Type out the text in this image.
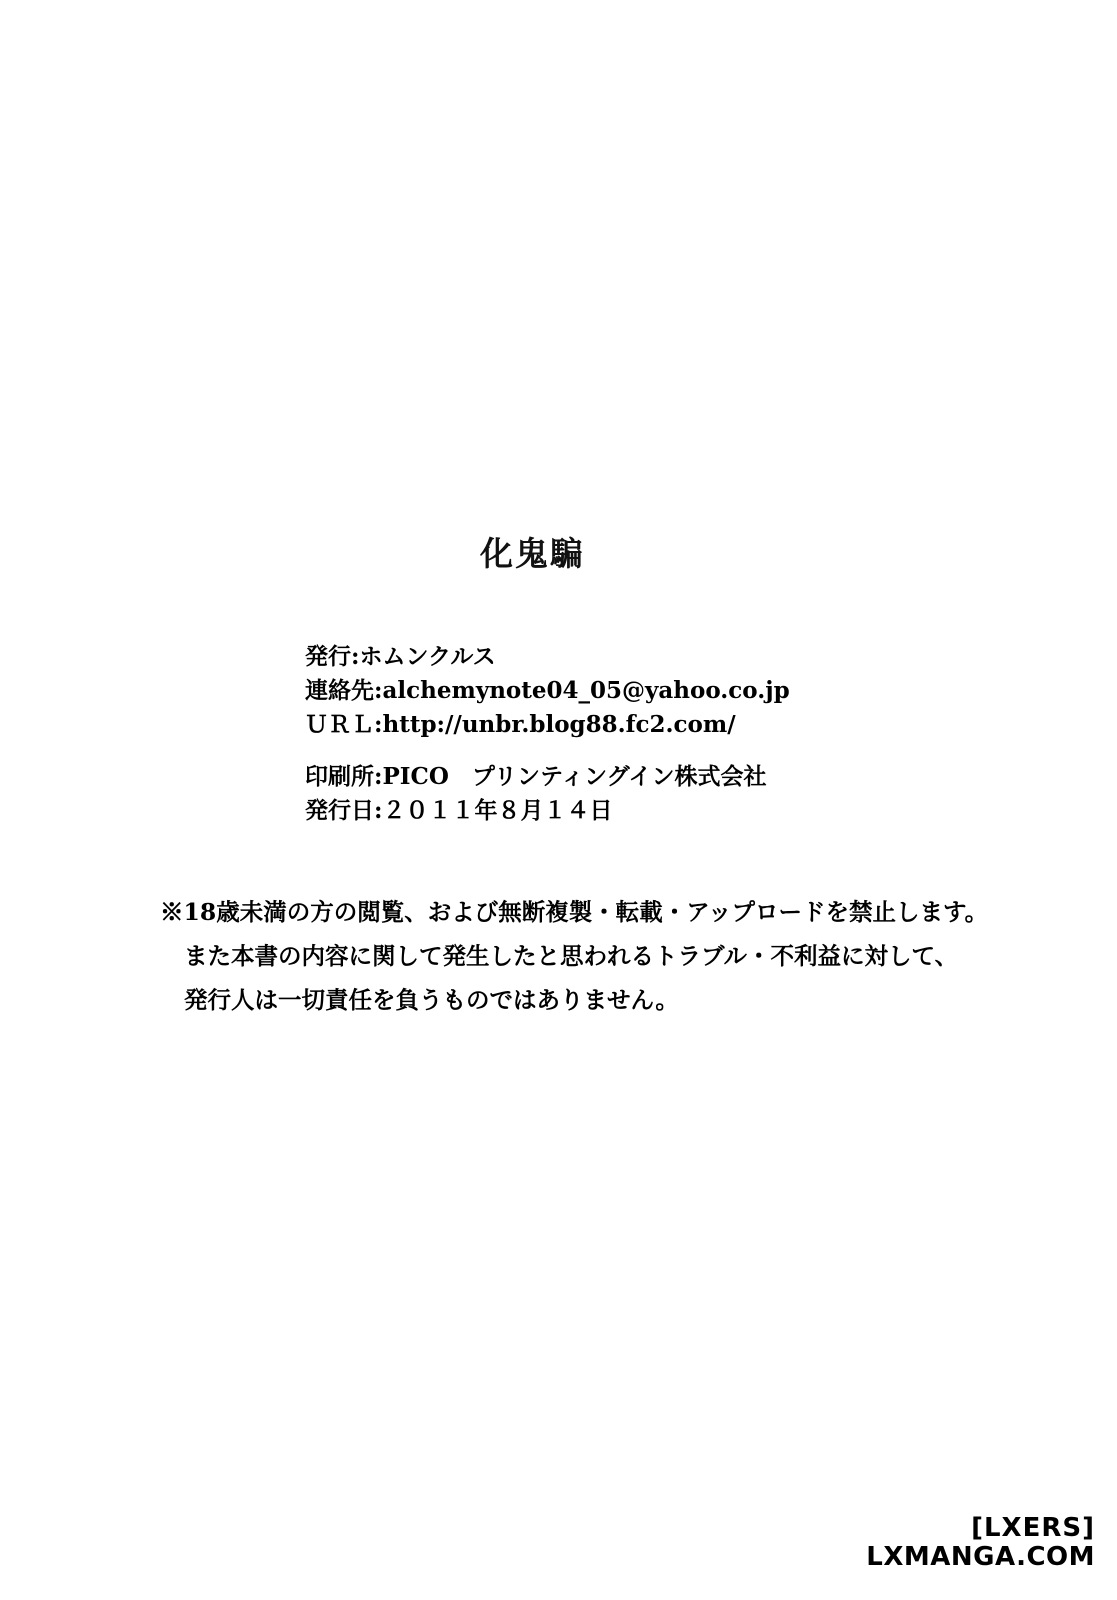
化鬼騙
発行:ホムンクルス
連絡先:alchemynote04_05@yahoo.co.jp
ＵＲＬ:http://unbr.blog88.fc2.com/
印刷所:PICO　プリンティングイン株式会社
発行日:２０１１年８月１４日
※18歳未満の方の閲覧、および無断複製・転載・アップロードを禁止します。
また本書の内容に関して発生したと思われるトラブル・不利益に対して、
発行人は一切責任を負うものではありません。
[LXERS]
LXMANGA.COM
